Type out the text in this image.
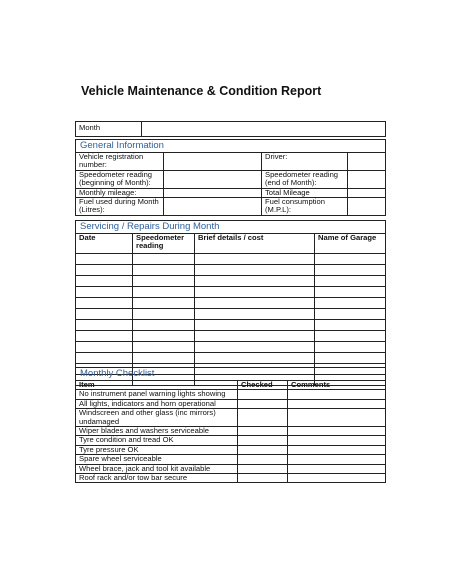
Vehicle Maintenance & Condition Report
Month	
General Information			
Vehicle registration number:		Driver:	
Speedometer reading (beginning of Month):		Speedometer reading (end of Month):	
Monthly mileage:		Total Mileage	
Fuel used during Month (Litres):		Fuel consumption (M.P.L):	
Servicing / Repairs During Month			
Date	Speedometer reading	Brief details / cost	Name of Garage

Monthly Checklist		
Item	Checked	Comments
No instrument panel warning lights showing		
All lights, indicators and horn operational		
Windscreen and other glass (inc mirrors) undamaged		
Wiper blades and washers serviceable		
Tyre condition and tread OK		
Tyre pressure OK		
Spare wheel serviceable		
Wheel brace, jack and tool kit available		
Roof rack and/or tow bar secure		
